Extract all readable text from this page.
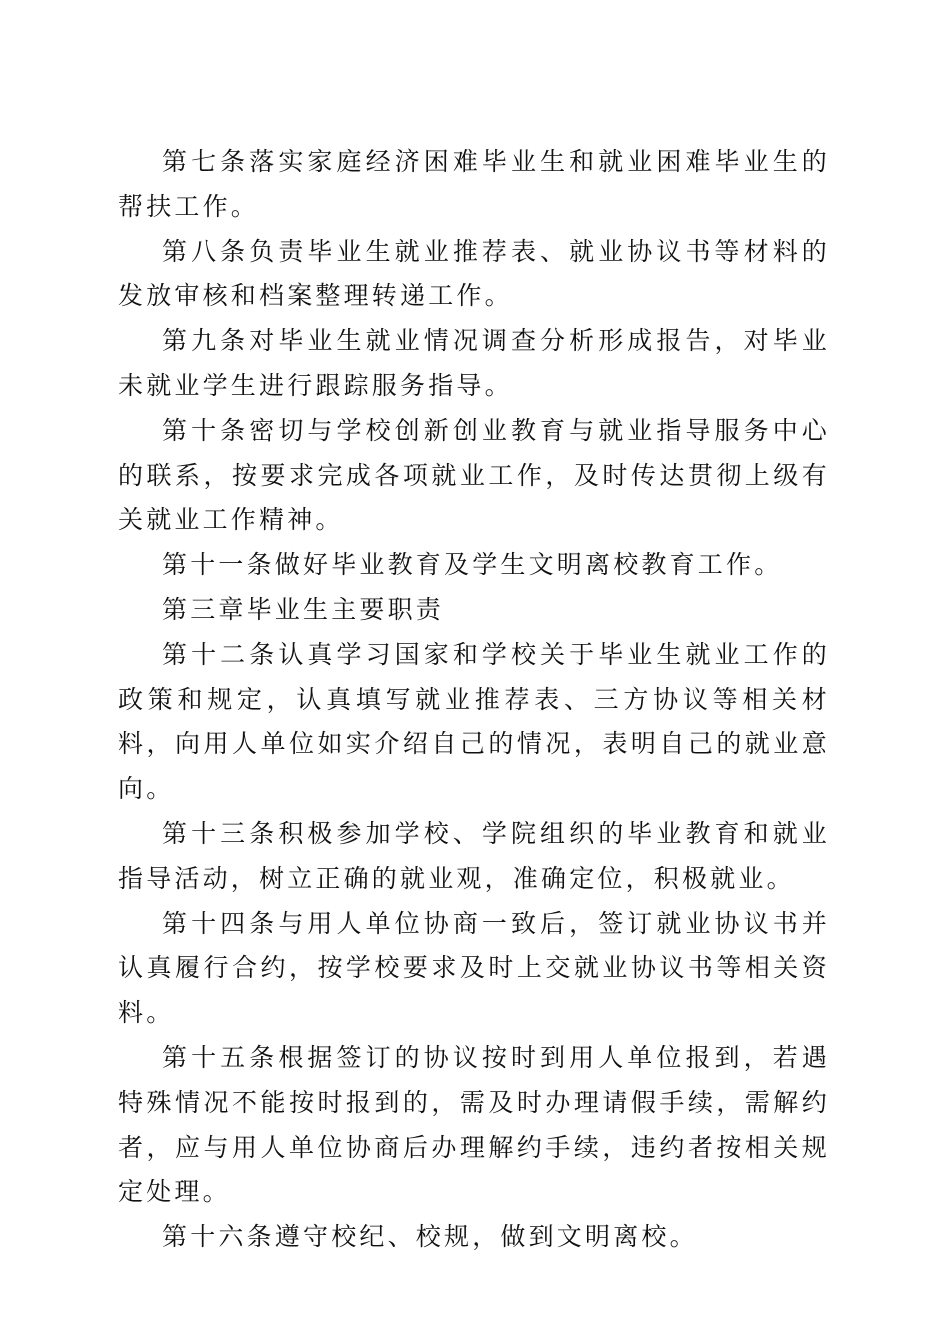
第七条落实家庭经济困难毕业生和就业困难毕业生的帮扶工作。

第八条负责毕业生就业推荐表、就业协议书等材料的发放审核和档案整理转递工作。

第九条对毕业生就业情况调查分析形成报告，对毕业未就业学生进行跟踪服务指导。

第十条密切与学校创新创业教育与就业指导服务中心的联系，按要求完成各项就业工作，及时传达贯彻上级有关就业工作精神。

第十一条做好毕业教育及学生文明离校教育工作。

第三章毕业生主要职责

第十二条认真学习国家和学校关于毕业生就业工作的政策和规定，认真填写就业推荐表、三方协议等相关材料，向用人单位如实介绍自己的情况，表明自己的就业意向。

第十三条积极参加学校、学院组织的毕业教育和就业指导活动，树立正确的就业观，准确定位，积极就业。

第十四条与用人单位协商一致后，签订就业协议书并认真履行合约，按学校要求及时上交就业协议书等相关资料。

第十五条根据签订的协议按时到用人单位报到，若遇特殊情况不能按时报到的，需及时办理请假手续，需解约者，应与用人单位协商后办理解约手续，违约者按相关规定处理。

第十六条遵守校纪、校规，做到文明离校。
